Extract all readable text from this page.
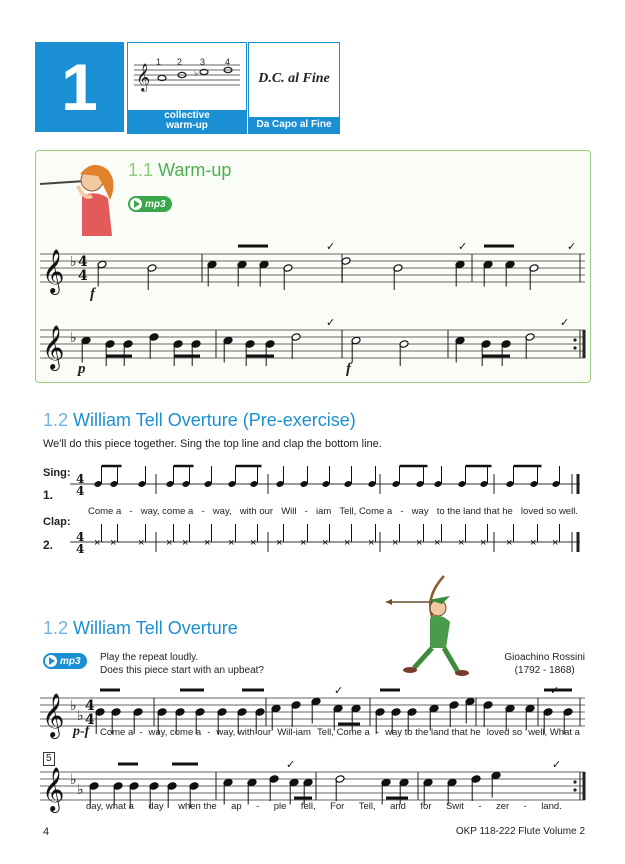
1 𝄞	♭
1 2 3 4
collective
warm-up
D.C. al Fine
Da Capo al Fine
1.1 Warm-up
mp3
𝄞 ♭ 4
4
✓	✓	✓
𝄞 ♭
✓	✓
f
p	f
1.2 William Tell Overture (Pre-exercise)
We'll do this piece together. Sing the top line and clap the bottom line.
Sing:
1.
Clap:
2.
4
4
4
4 × × × × × × × × × × × × × × × × × × × × ×
Come a - way, come a - way, with our Will - iam Tell, Come a - way to the land that he loved so well.
1.2 William Tell Overture
mp3 Play the repeat loudly.
Does this piece start with an upbeat?
Gioachino Rossini
(1792 - 1868)
𝄞 ♭
♭
4
4
✓	✓
p-f Come a - way, come a - way, with our Will-iam Tell, Come a - way to the land that he loved so well, What a
5
𝄞 ♭
♭
✓	✓
day, what a day when the ap - ple fell, For Tell, and for Swit - zer - land.
4	OKP 118-222 Flute Volume 2
